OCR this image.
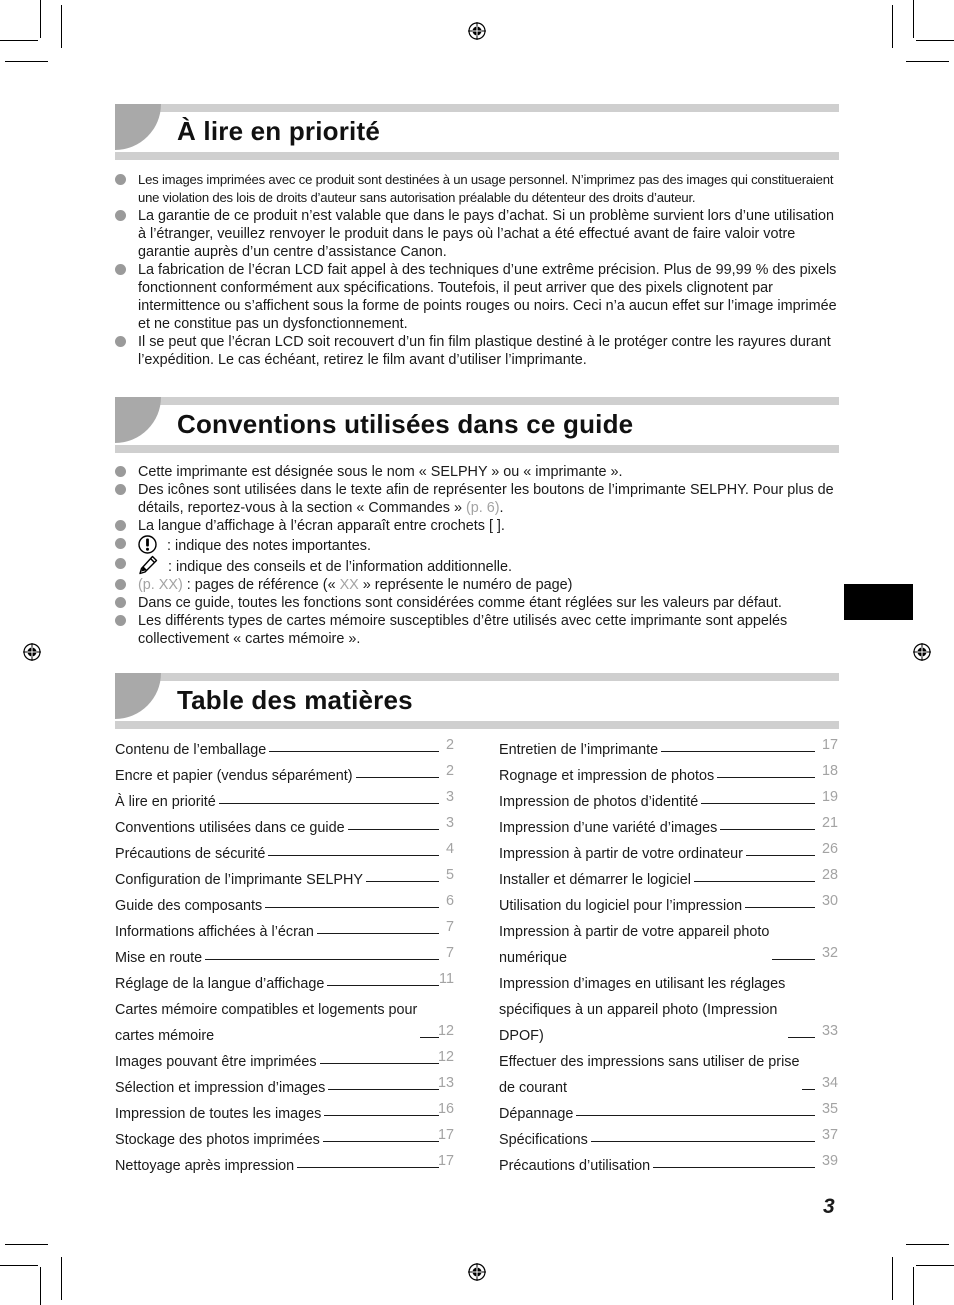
À lire en priorité
Les images imprimées avec ce produit sont destinées à un usage personnel. N’imprimez pas des images qui constitueraient une violation des lois de droits d’auteur sans autorisation préalable du détenteur des droits d’auteur.
La garantie de ce produit n’est valable que dans le pays d’achat. Si un problème survient lors d’une utilisation à l’étranger, veuillez renvoyer le produit dans le pays où l’achat a été effectué avant de faire valoir votre garantie auprès d’un centre d’assistance Canon.
La fabrication de l’écran LCD fait appel à des techniques d’une extrême précision. Plus de 99,99 % des pixels fonctionnent conformément aux spécifications. Toutefois, il peut arriver que des pixels clignotent par intermittence ou s’affichent sous la forme de points rouges ou noirs. Ceci n’a aucun effet sur l’image imprimée et ne constitue pas un dysfonctionnement.
Il se peut que l’écran LCD soit recouvert d’un fin film plastique destiné à le protéger contre les rayures durant l’expédition. Le cas échéant, retirez le film avant d’utiliser l’imprimante.
Conventions utilisées dans ce guide
Cette imprimante est désignée sous le nom « SELPHY » ou « imprimante ».
Des icônes sont utilisées dans le texte afin de représenter les boutons de l’imprimante SELPHY. Pour plus de détails, reportez-vous à la section « Commandes » (p. 6).
La langue d’affichage à l’écran apparaît entre crochets [ ].
: indique des notes importantes.
: indique des conseils et de l’information additionnelle.
(p. XX) : pages de référence (« XX » représente le numéro de page)
Dans ce guide, toutes les fonctions sont considérées comme étant réglées sur les valeurs par défaut.
Les différents types de cartes mémoire susceptibles d’être utilisés avec cette imprimante sont appelés collectivement « cartes mémoire ».
Table des matières
Contenu de l’emballage	2
Encre et papier (vendus séparément)	2
À lire en priorité	3
Conventions utilisées dans ce guide	3
Précautions de sécurité	4
Configuration de l’imprimante SELPHY	5
Guide des composants	6
Informations affichées à l’écran	7
Mise en route	7
Réglage de la langue d’affichage	11
Cartes mémoire compatibles et logements pour
cartes mémoire	12
Images pouvant être imprimées	12
Sélection et impression d’images	13
Impression de toutes les images	16
Stockage des photos imprimées	17
Nettoyage après impression	17
Entretien de l’imprimante	17
Rognage et impression de photos	18
Impression de photos d’identité	19
Impression d’une variété d’images	21
Impression à partir de votre ordinateur	26
Installer et démarrer le logiciel	28
Utilisation du logiciel pour l’impression	30
Impression à partir de votre appareil photo
numérique	32
Impression d’images en utilisant les réglages
spécifiques à un appareil photo (Impression
DPOF)	33
Effectuer des impressions sans utiliser de prise
de courant	34
Dépannage	35
Spécifications	37
Précautions d’utilisation	39
3
